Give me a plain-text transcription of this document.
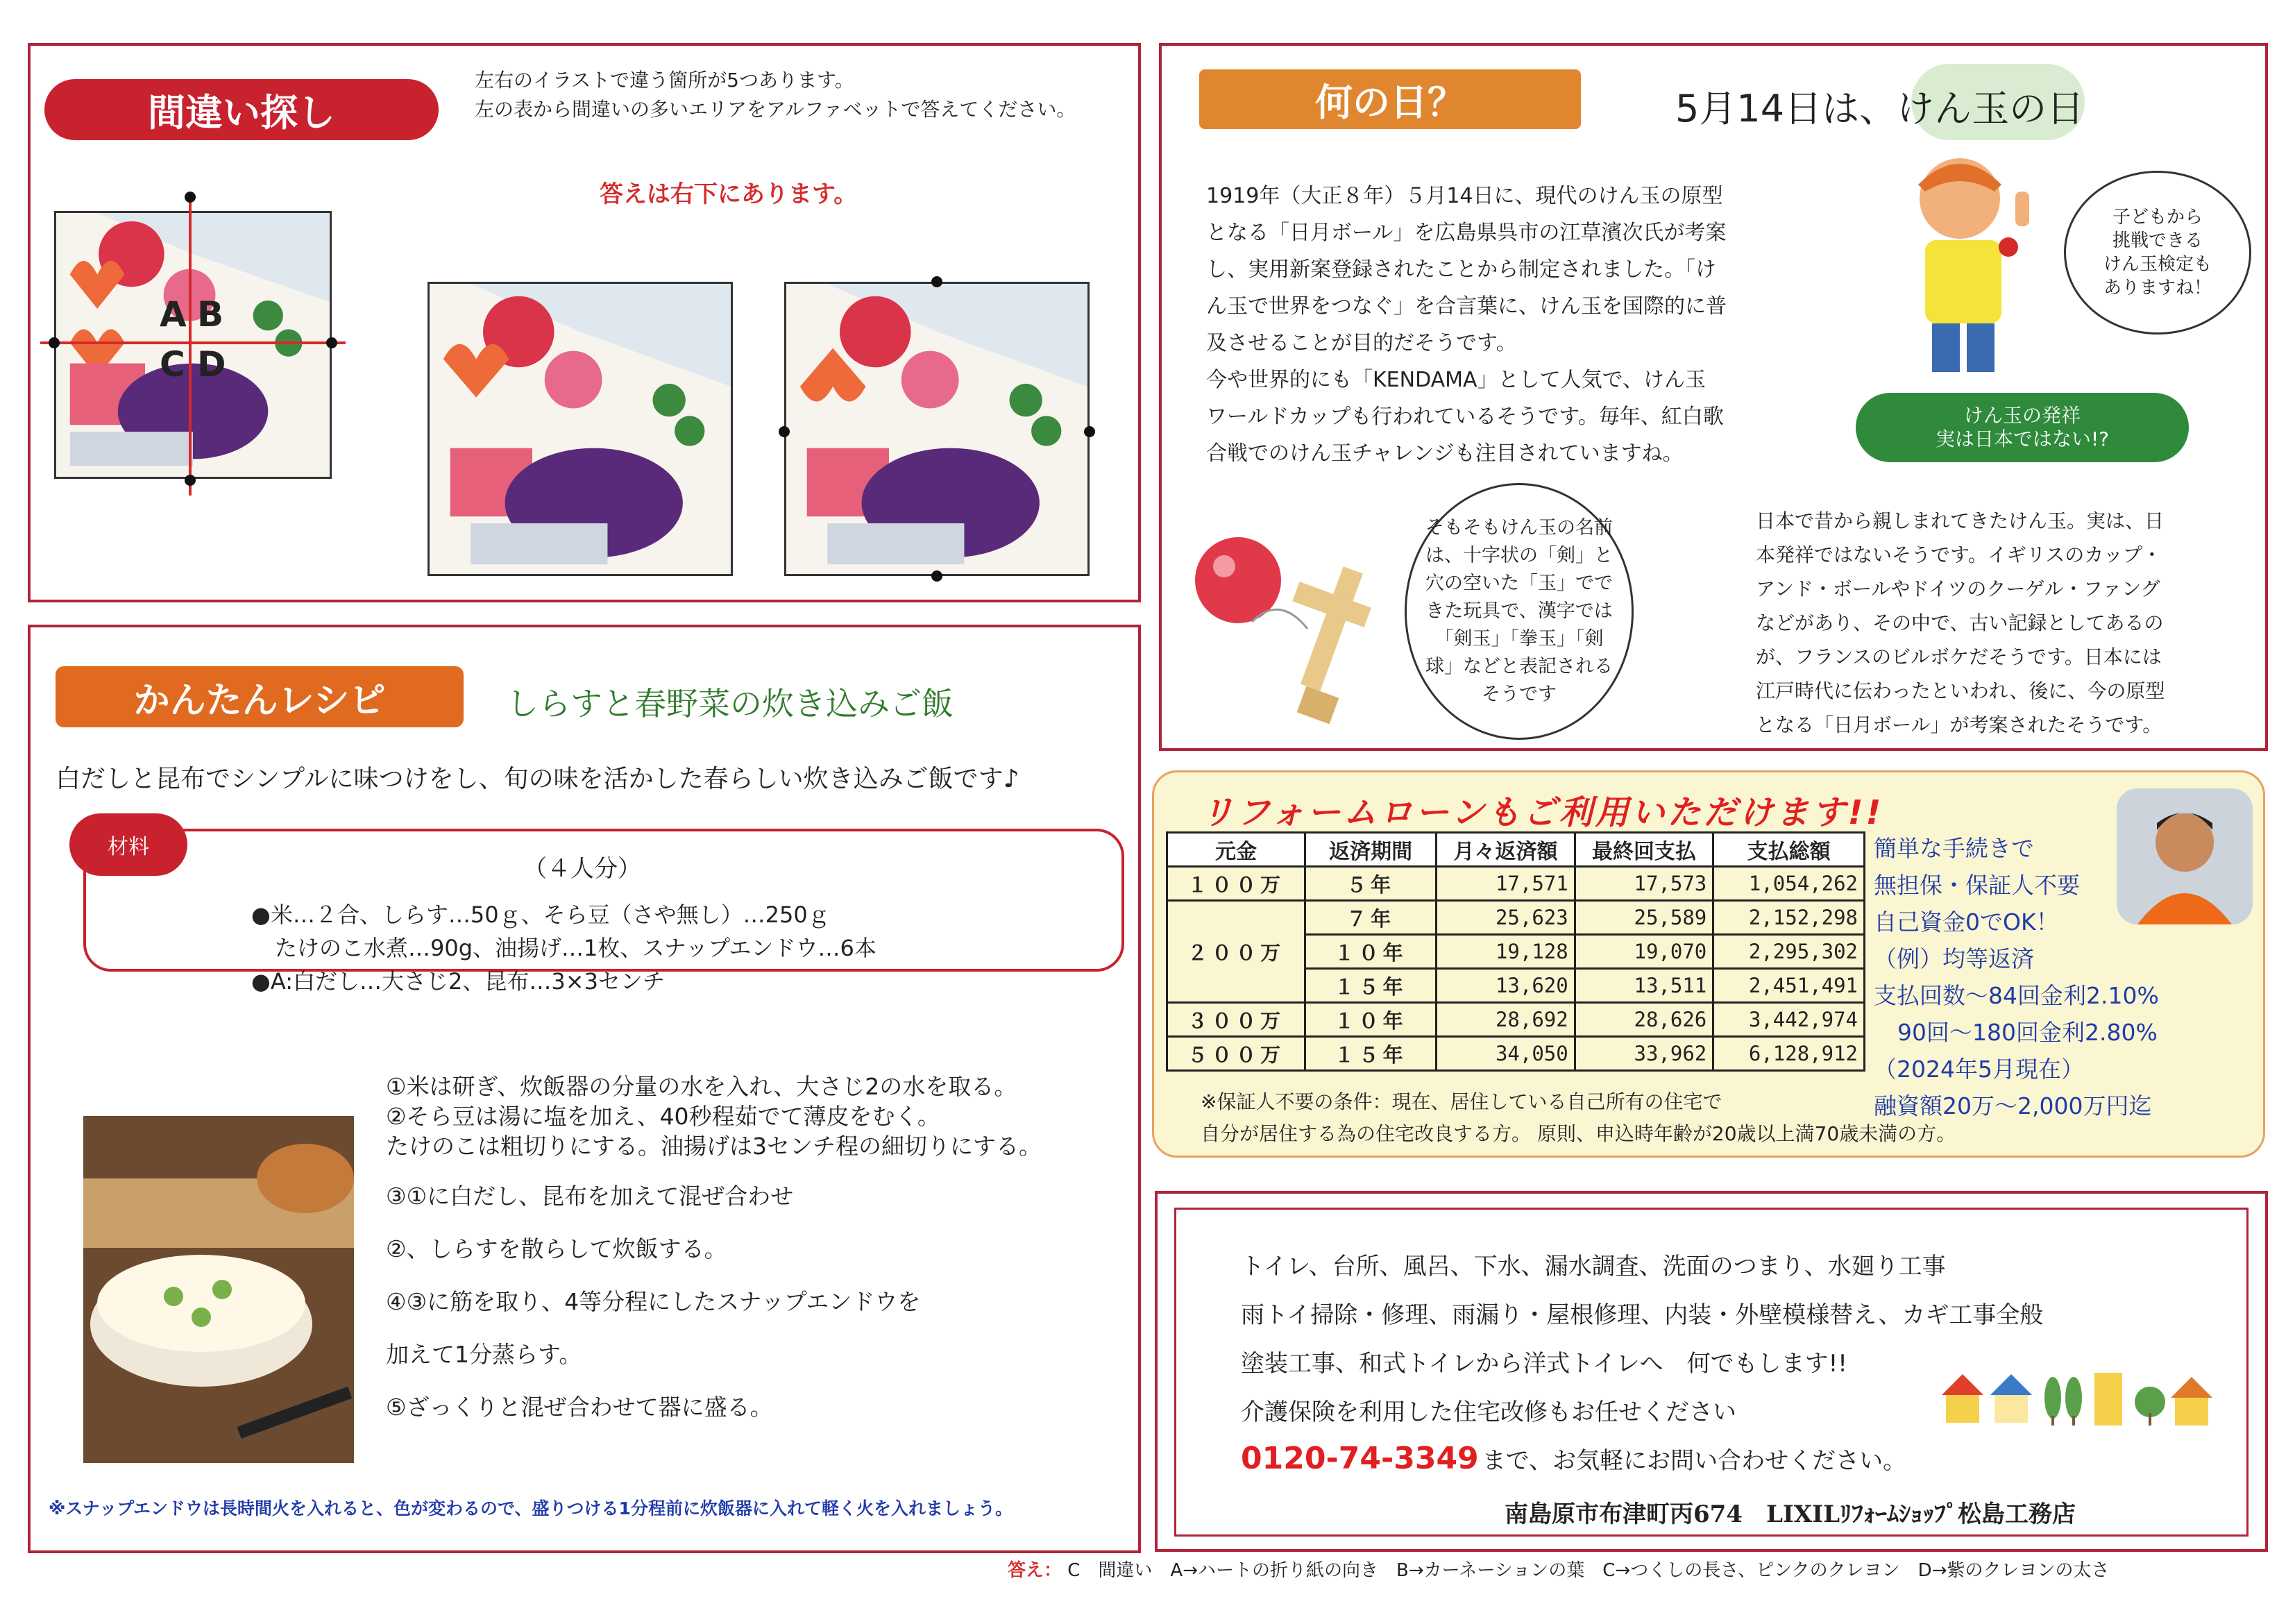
間違い探し
左右のイラストで違う箇所が5つあります。
左の表から間違いの多いエリアをアルファベットで答えてください。
答えは右下にあります。
A B
C D
何の日？	5月14日は、けん玉の日
1919年（大正８年）５月14日に、現代のけん玉の原型
となる「日月ボール」を広島県呉市の江草濱次氏が考案
し、実用新案登録されたことから制定されました。「け
ん玉で世界をつなぐ」を合言葉に、けん玉を国際的に普
及させることが目的だそうです。
今や世界的にも「KENDAMA」として人気で、けん玉
ワールドカップも行われているそうです。毎年、紅白歌
合戦でのけん玉チャレンジも注目されていますね。
子どもから
挑戦できる
けん玉検定も
ありますね！
けん玉の発祥
実は日本ではない!?
そもそもけん玉の名前
は、十字状の「剣」と
穴の空いた「玉」でで
きた玩具で、漢字では
「剣玉」「拳玉」「剣
球」などと表記される
そうです
日本で昔から親しまれてきたけん玉。実は、日
本発祥ではないそうです。イギリスのカップ・
アンド・ボールやドイツのクーゲル・ファング
などがあり、その中で、古い記録としてあるの
が、フランスのビルボケだそうです。日本には
江戸時代に伝わったといわれ、後に、今の原型
となる「日月ボール」が考案されたそうです。
かんたんレシピ	しらすと春野菜の炊き込みご飯
白だしと昆布でシンプルに味つけをし、旬の味を活かした春らしい炊き込みご飯です♪
材料
（４人分）
●米…２合、しらす…50ｇ、そら豆（さや無し）…250ｇ
たけのこ水煮…90g、油揚げ…1枚、スナップエンドウ…6本
●A:白だし…大さじ2、昆布…3×3センチ
①米は研ぎ、炊飯器の分量の水を入れ、大さじ2の水を取る。
②そら豆は湯に塩を加え、40秒程茹でて薄皮をむく。
たけのこは粗切りにする。油揚げは3センチ程の細切りにする。
③①に白だし、昆布を加えて混ぜ合わせ
②、しらすを散らして炊飯する。
④③に筋を取り、4等分程にしたスナップエンドウを
加えて1分蒸らす。
⑤ざっくりと混ぜ合わせて器に盛る。
※スナップエンドウは長時間火を入れると、色が変わるので、盛りつける1分程前に炊飯器に入れて軽く火を入れましょう。
リフォームローンもご利用いただけます!!
元金	返済期間	月々返済額	最終回支払	支払総額
１００万	５年	17,571	17,573	1,054,262
２００万	７年	25,623	25,589	2,152,298
	１０年	19,128	19,070	2,295,302
	１５年	13,620	13,511	2,451,491
３００万	１０年	28,692	28,626	3,442,974
５００万	１５年	34,050	33,962	6,128,912
簡単な手続きで
無担保・保証人不要
自己資金0でOK！
（例）均等返済
支払回数～84回金利2.10%
90回～180回金利2.80%
（2024年5月現在）
融資額20万～2,000万円迄
※保証人不要の条件：現在、居住している自己所有の住宅で
自分が居住する為の住宅改良する方。 原則、申込時年齢が20歳以上満70歳未満の方。
トイレ、台所、風呂、下水、漏水調査、洗面のつまり、水廻り工事
雨トイ掃除・修理、雨漏り・屋根修理、内装・外壁模様替え、カギ工事全般
塗装工事、和式トイレから洋式トイレへ　何でもします!!
介護保険を利用した住宅改修もお任せください
0120-74-3349 まで、お気軽にお問い合わせください。
南島原市布津町丙674　LIXILﾘﾌｫｰﾑｼｮｯﾌﾟ松島工務店
答え： C　間違い　A→ハートの折り紙の向き　B→カーネーションの葉　C→つくしの長さ、ピンクのクレヨン　D→紫のクレヨンの太さ
